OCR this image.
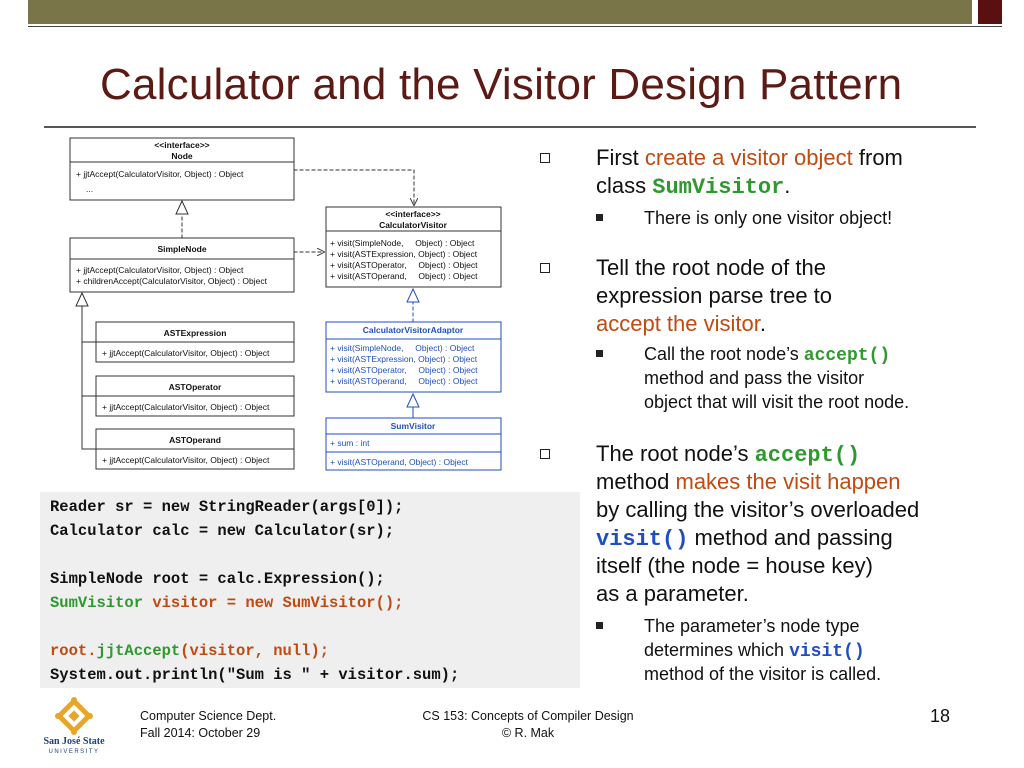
Calculator and the Visitor Design Pattern
<<interface>>
Node
+ jjtAccept(CalculatorVisitor, Object) : Object
...
SimpleNode
+ jjtAccept(CalculatorVisitor, Object) : Object
+ childrenAccept(CalculatorVisitor, Object) : Object
ASTExpression
+ jjtAccept(CalculatorVisitor, Object) : Object
ASTOperator
+ jjtAccept(CalculatorVisitor, Object) : Object
ASTOperand
+ jjtAccept(CalculatorVisitor, Object) : Object
<<interface>>
CalculatorVisitor
+ visit(SimpleNode,     Object) : Object
+ visit(ASTExpression, Object) : Object
+ visit(ASTOperator,     Object) : Object
+ visit(ASTOperand,     Object) : Object
CalculatorVisitorAdaptor
+ visit(SimpleNode,     Object) : Object
+ visit(ASTExpression, Object) : Object
+ visit(ASTOperator,     Object) : Object
+ visit(ASTOperand,     Object) : Object
SumVisitor
+ sum : int
+ visit(ASTOperand, Object) : Object
Reader sr = new StringReader(args[0]);
Calculator calc = new Calculator(sr);
SimpleNode root = calc.Expression();
SumVisitor visitor = new SumVisitor();
root.jjtAccept(visitor, null);
System.out.println("Sum is " + visitor.sum);
First create a visitor object from
class SumVisitor.
There is only one visitor object!
Tell the root node of the
expression parse tree to
accept the visitor.
Call the root node’s accept()
method and pass the visitor
object that will visit the root node.
The root node’s accept()
method makes the visit happen
by calling the visitor’s overloaded
visit() method and passing
itself (the node = house key)
as a parameter.
The parameter’s node type
determines which visit()
method of the visitor is called.
San José State
UNIVERSITY
Computer Science Dept.
Fall 2014: October 29
CS 153: Concepts of Compiler Design
© R. Mak
18
